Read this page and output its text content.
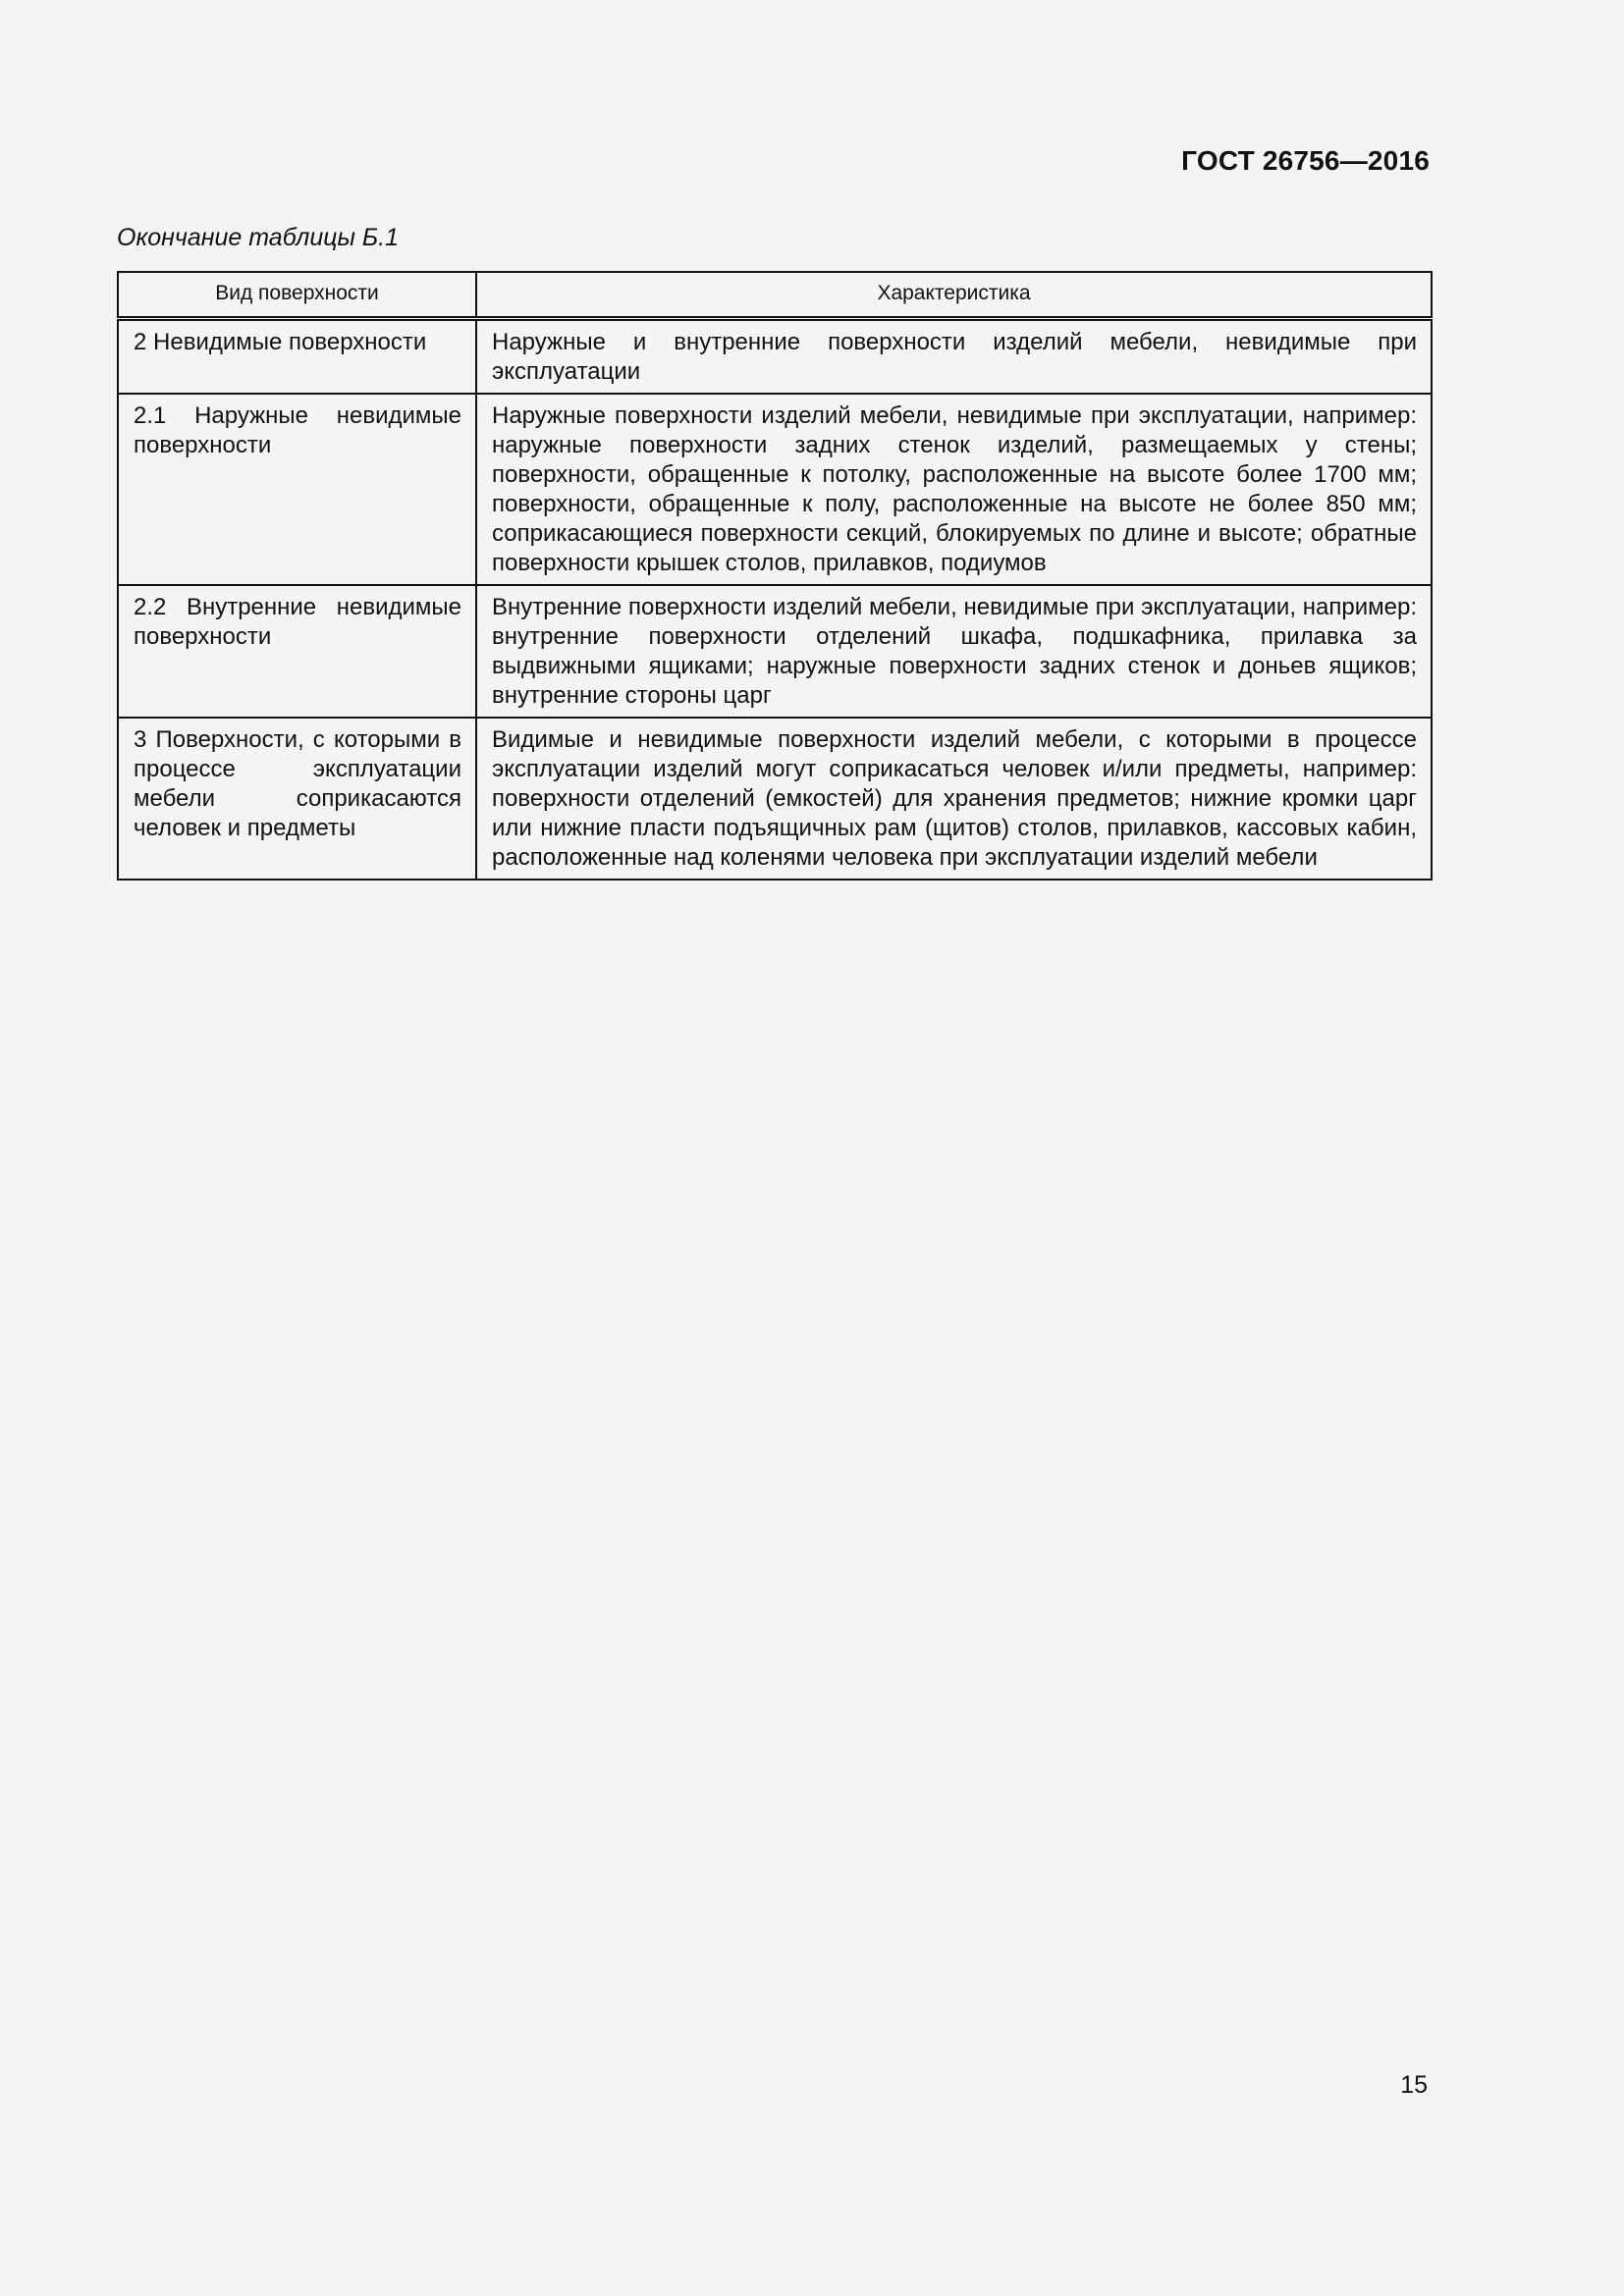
ГОСТ 26756—2016
Окончание таблицы Б.1
Вид поверхности	Характеристика
2 Невидимые поверхности	Наружные и внутренние поверхности изделий мебели, невидимые при эксплуатации
2.1 Наружные невидимые поверхности	Наружные поверхности изделий мебели, невидимые при эксплуатации, например: наружные поверхности задних стенок изделий, размещаемых у стены; поверхности, обращенные к потолку, расположенные на высоте более 1700 мм; поверхности, обращенные к полу, расположенные на высоте не более 850 мм; соприкасающиеся поверхности секций, блокируемых по длине и высоте; обратные поверхности крышек столов, прилавков, подиумов
2.2 Внутренние невидимые поверхности	Внутренние поверхности изделий мебели, невидимые при эксплуатации, например: внутренние поверхности отделений шкафа, подшкафника, прилавка за выдвижными ящиками; наружные поверхности задних стенок и доньев ящиков; внутренние стороны царг
3 Поверхности, с которыми в процессе эксплуатации мебели соприкасаются человек и предметы	Видимые и невидимые поверхности изделий мебели, с которыми в процессе эксплуатации изделий могут соприкасаться человек и/или предметы, например: поверхности отделений (емкостей) для хранения предметов; нижние кромки царг или нижние пласти подъящичных рам (щитов) столов, прилавков, кассовых кабин, расположенные над коленями человека при эксплуатации изделий мебели
15
